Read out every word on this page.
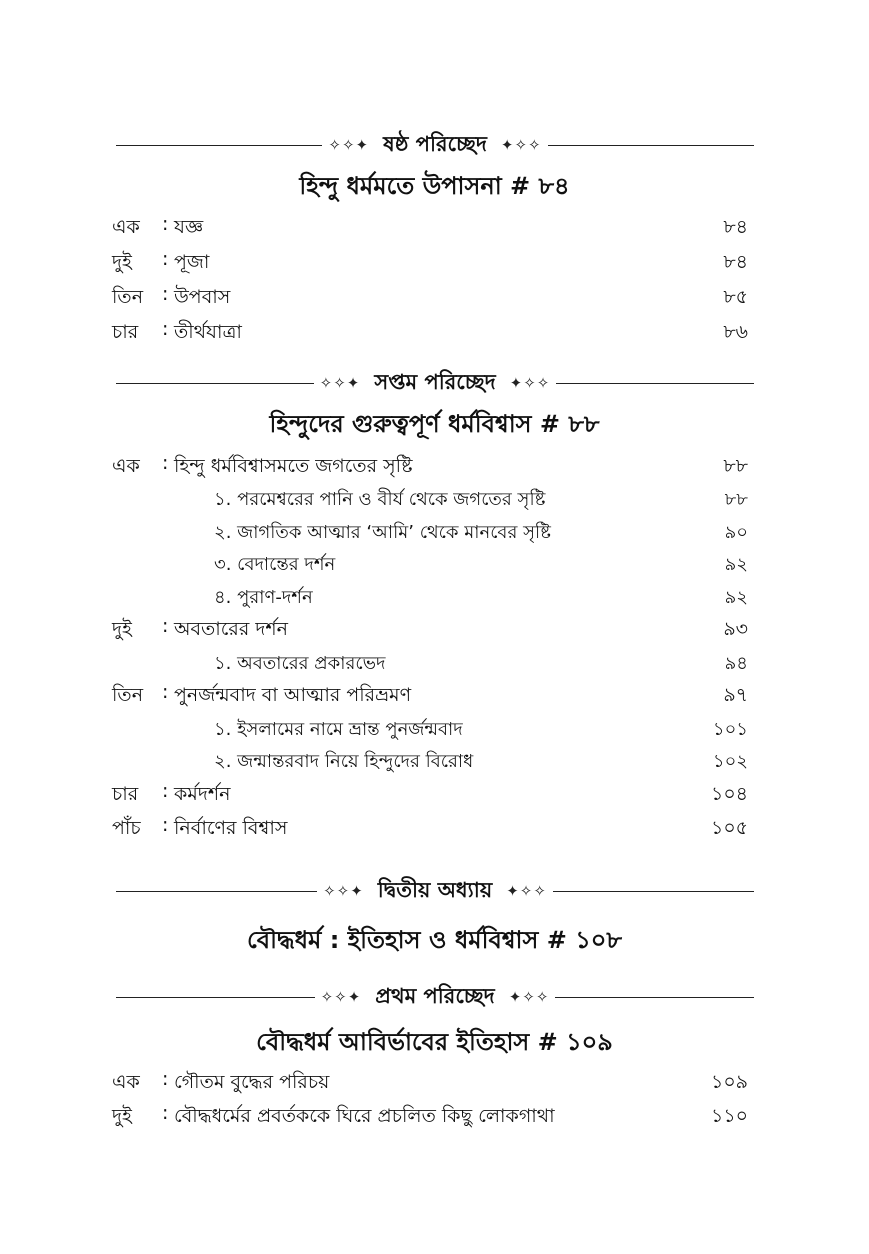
✧✧✦ ষষ্ঠ পরিচ্ছেদ ✦✧✧
হিন্দু ধর্মমতে উপাসনা # ৮৪
এক : যজ্ঞ	৮৪
দুই : পূজা	৮৪
তিন : উপবাস	৮৫
চার : তীর্থযাত্রা	৮৬
✧✧✦ সপ্তম পরিচ্ছেদ ✦✧✧
হিন্দুদের গুরুত্বপূর্ণ ধর্মবিশ্বাস # ৮৮
এক : হিন্দু ধর্মবিশ্বাসমতে জগতের সৃষ্টি	৮৮
১. পরমেশ্বরের পানি ও বীর্য থেকে জগতের সৃষ্টি	৮৮
২. জাগতিক আত্মার ‘আমি’ থেকে মানবের সৃষ্টি	৯০
৩. বেদান্তের দর্শন	৯২
৪. পুরাণ-দর্শন	৯২
দুই : অবতারের দর্শন	৯৩
১. অবতারের প্রকারভেদ	৯৪
তিন : পুনর্জন্মবাদ বা আত্মার পরিভ্রমণ	৯৭
১. ইসলামের নামে ভ্রান্ত পুনর্জন্মবাদ	১০১
২. জন্মান্তরবাদ নিয়ে হিন্দুদের বিরোধ	১০২
চার : কর্মদর্শন	১০৪
পাঁচ : নির্বাণের বিশ্বাস	১০৫
✧✧✦ দ্বিতীয় অধ্যায় ✦✧✧
বৌদ্ধধর্ম : ইতিহাস ও ধর্মবিশ্বাস # ১০৮
✧✧✦ প্রথম পরিচ্ছেদ ✦✧✧
বৌদ্ধধর্ম আবির্ভাবের ইতিহাস # ১০৯
এক : গৌতম বুদ্ধের পরিচয়	১০৯
দুই : বৌদ্ধধর্মের প্রবর্তককে ঘিরে প্রচলিত কিছু লোকগাথা	১১০
